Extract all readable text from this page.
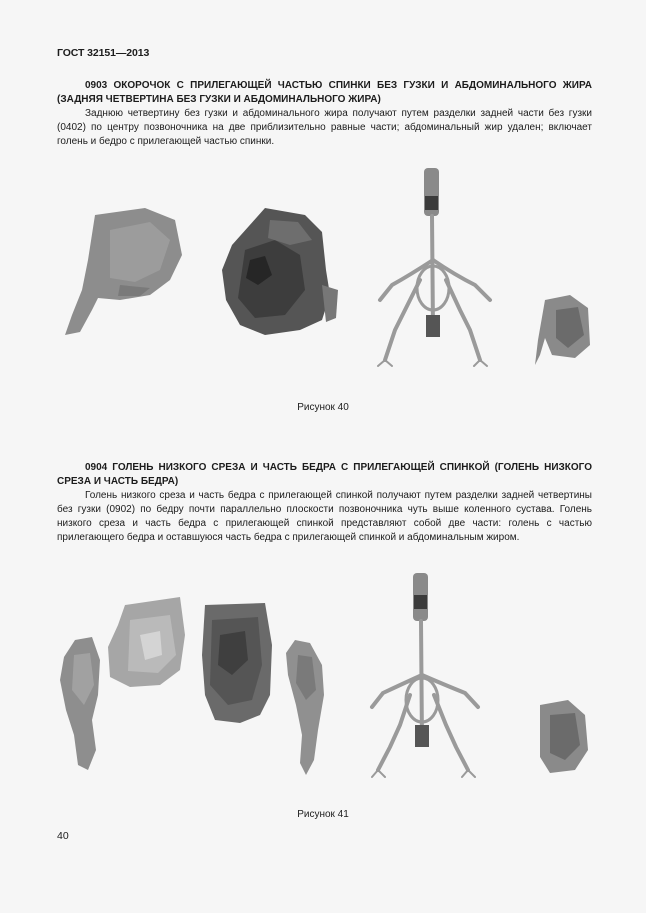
ГОСТ 32151—2013
0903 ОКОРОЧОК С ПРИЛЕГАЮЩЕЙ ЧАСТЬЮ СПИНКИ БЕЗ ГУЗКИ И АБДОМИНАЛЬНОГО ЖИРА (ЗАДНЯЯ ЧЕТВЕРТИНА БЕЗ ГУЗКИ И АБДОМИНАЛЬНОГО ЖИРА)
Заднюю четвертину без гузки и абдоминального жира получают путем разделки задней части без гузки (0402) по центру позвоночника на две приблизительно равные части; абдоминальный жир удален; включает голень и бедро с прилегающей частью спинки.
Рисунок 40
0904 ГОЛЕНЬ НИЗКОГО СРЕЗА И ЧАСТЬ БЕДРА С ПРИЛЕГАЮЩЕЙ СПИНКОЙ (ГОЛЕНЬ НИЗКОГО СРЕЗА И ЧАСТЬ БЕДРА)
Голень низкого среза и часть бедра с прилегающей спинкой получают путем разделки задней четвертины без гузки (0902) по бедру почти параллельно плоскости позвоночника чуть выше коленного сустава. Голень низкого среза и часть бедра с прилегающей спинкой представляют собой две части: голень с частью прилегающего бедра и оставшуюся часть бедра с прилегающей спинкой и абдоминальным жиром.
Рисунок 41
40
